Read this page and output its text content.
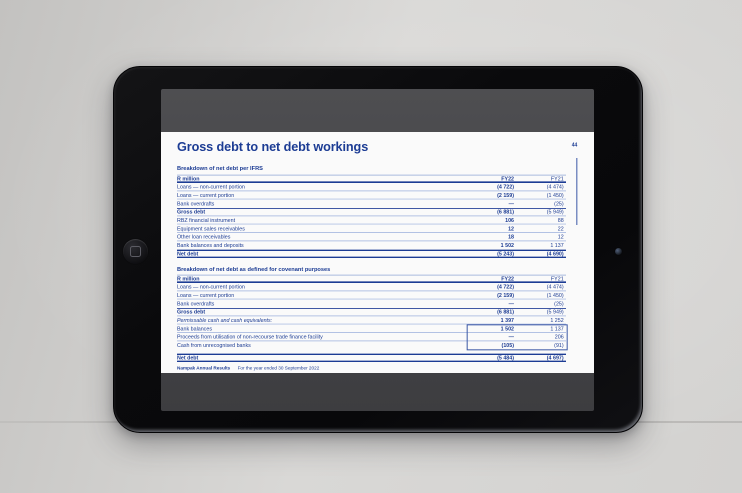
44
Gross debt to net debt workings
Breakdown of net debt per IFRS
R million	FY22	FY21
Loans — non-current portion	(4 722)	(4 474)
Loans — current portion	(2 159)	(1 450)
Bank overdrafts	—	(25)
Gross debt	(6 881)	(5 949)
RBZ financial instrument	106	88
Equipment sales receivables	12	22
Other loan receivables	18	12
Bank balances and deposits	1 502	1 137
Net debt	(5 243)	(4 690)
Breakdown of net debt as defined for covenant purposes
R million	FY22	FY21
Loans — non-current portion	(4 722)	(4 474)
Loans — current portion	(2 159)	(1 450)
Bank overdrafts	—	(25)
Gross debt	(6 881)	(5 949)
Permissable cash and cash equivalents:	1 397	1 252
Bank balances	1 502	1 137
Proceeds from utilisation of non-recourse trade finance facility	—	206
Cash from unrecognised banks	(105)	(91)
Net debt	(5 484)	(4 697)
Nampak Annual Results For the year ended 30 September 2022
